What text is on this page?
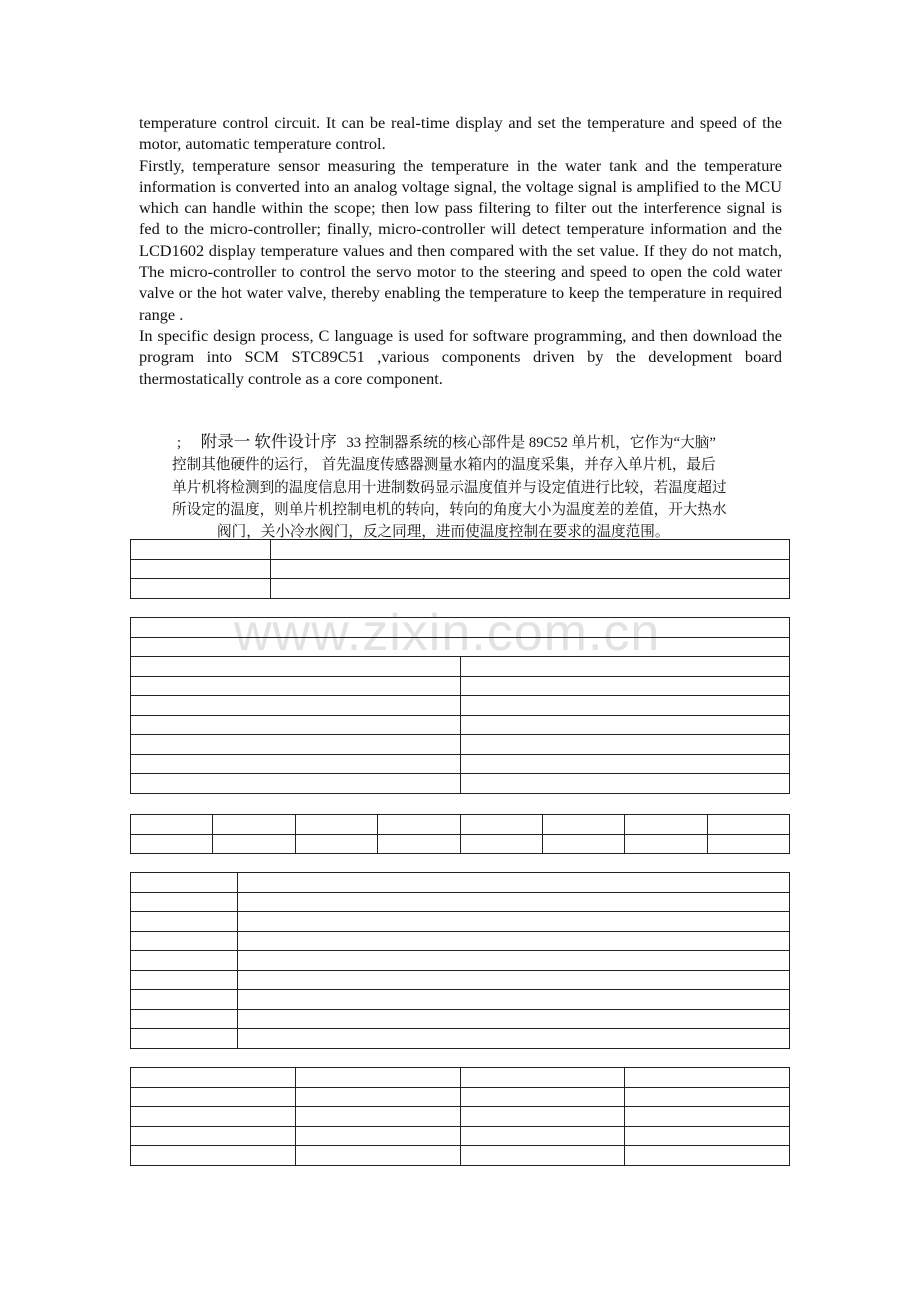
temperature control circuit. It can be real-time display and set the temperature and speed of the motor, automatic temperature control.

Firstly, temperature sensor measuring the temperature in the water tank and the temperature information is converted into an analog voltage signal, the voltage signal is amplified to the MCU which can handle within the scope; then low pass filtering to filter out the interference signal is fed to the micro-controller; finally, micro-controller will detect temperature information and the LCD1602 display temperature values and then compared with the set value. If they do not match, The micro-controller to control the servo motor to the steering and speed to open the cold water valve or the hot water valve, thereby enabling the temperature to keep the temperature in required range .

In specific design process, C language is used for software programming, and then download the program into SCM STC89C51 ,various components driven by the development board thermostatically controle as a core component.

; 附录一 软件设计序 33 控制器系统的核心部件是 89C52 单片机，它作为“大脑”
控制其他硬件的运行， 首先温度传感器测量水箱内的温度采集，并存入单片机，最后
单片机将检测到的温度信息用十进制数码显示温度值并与设定值进行比较，若温度超过
所设定的温度，则单片机控制电机的转向，转向的角度大小为温度差的差值，开大热水
阀门，关小冷水阀门，反之同理，进而使温度控制在要求的温度范围。
www.zixin.com.cn
